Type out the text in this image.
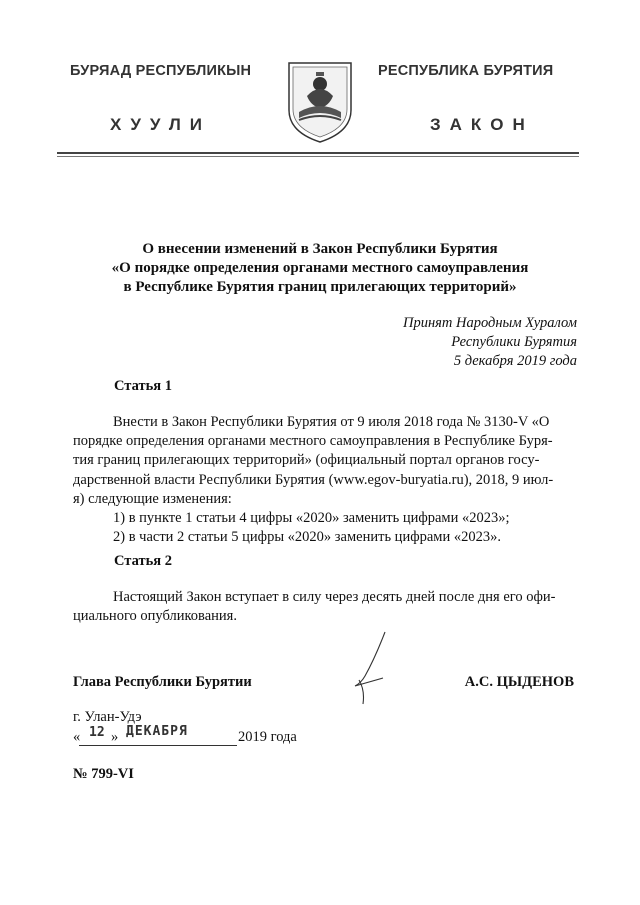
БУРЯАД РЕСПУБЛИКЫН	РЕСПУБЛИКА БУРЯТИЯ
ХУУЛИ	ЗАКОН
О внесении изменений в Закон Республики Бурятия
«О порядке определения органами местного самоуправления
в Республике Бурятия границ прилегающих территорий»
Принят Народным Хуралом
Республики Бурятия
5 декабря 2019 года
Статья 1
Внести в Закон Республики Бурятия от 9 июля 2018 года № 3130-V «О
порядке определения органами местного самоуправления в Республике Буря-
тия границ прилегающих территорий» (официальный портал органов госу-
дарственной власти Республики Бурятия (www.egov-buryatia.ru), 2018, 9 июл-
я) следующие изменения:
1) в пункте 1 статьи 4 цифры «2020» заменить цифрами «2023»;
2) в части 2 статьи 5 цифры «2020» заменить цифрами «2023».
Статья 2
Настоящий Закон вступает в силу через десять дней после дня его офи-
циального опубликования.
Глава Республики Бурятии	А.С. ЦЫДЕНОВ
г. Улан-Удэ
« 12 » ДЕКАБРЯ	2019 года
№ 799-VI
